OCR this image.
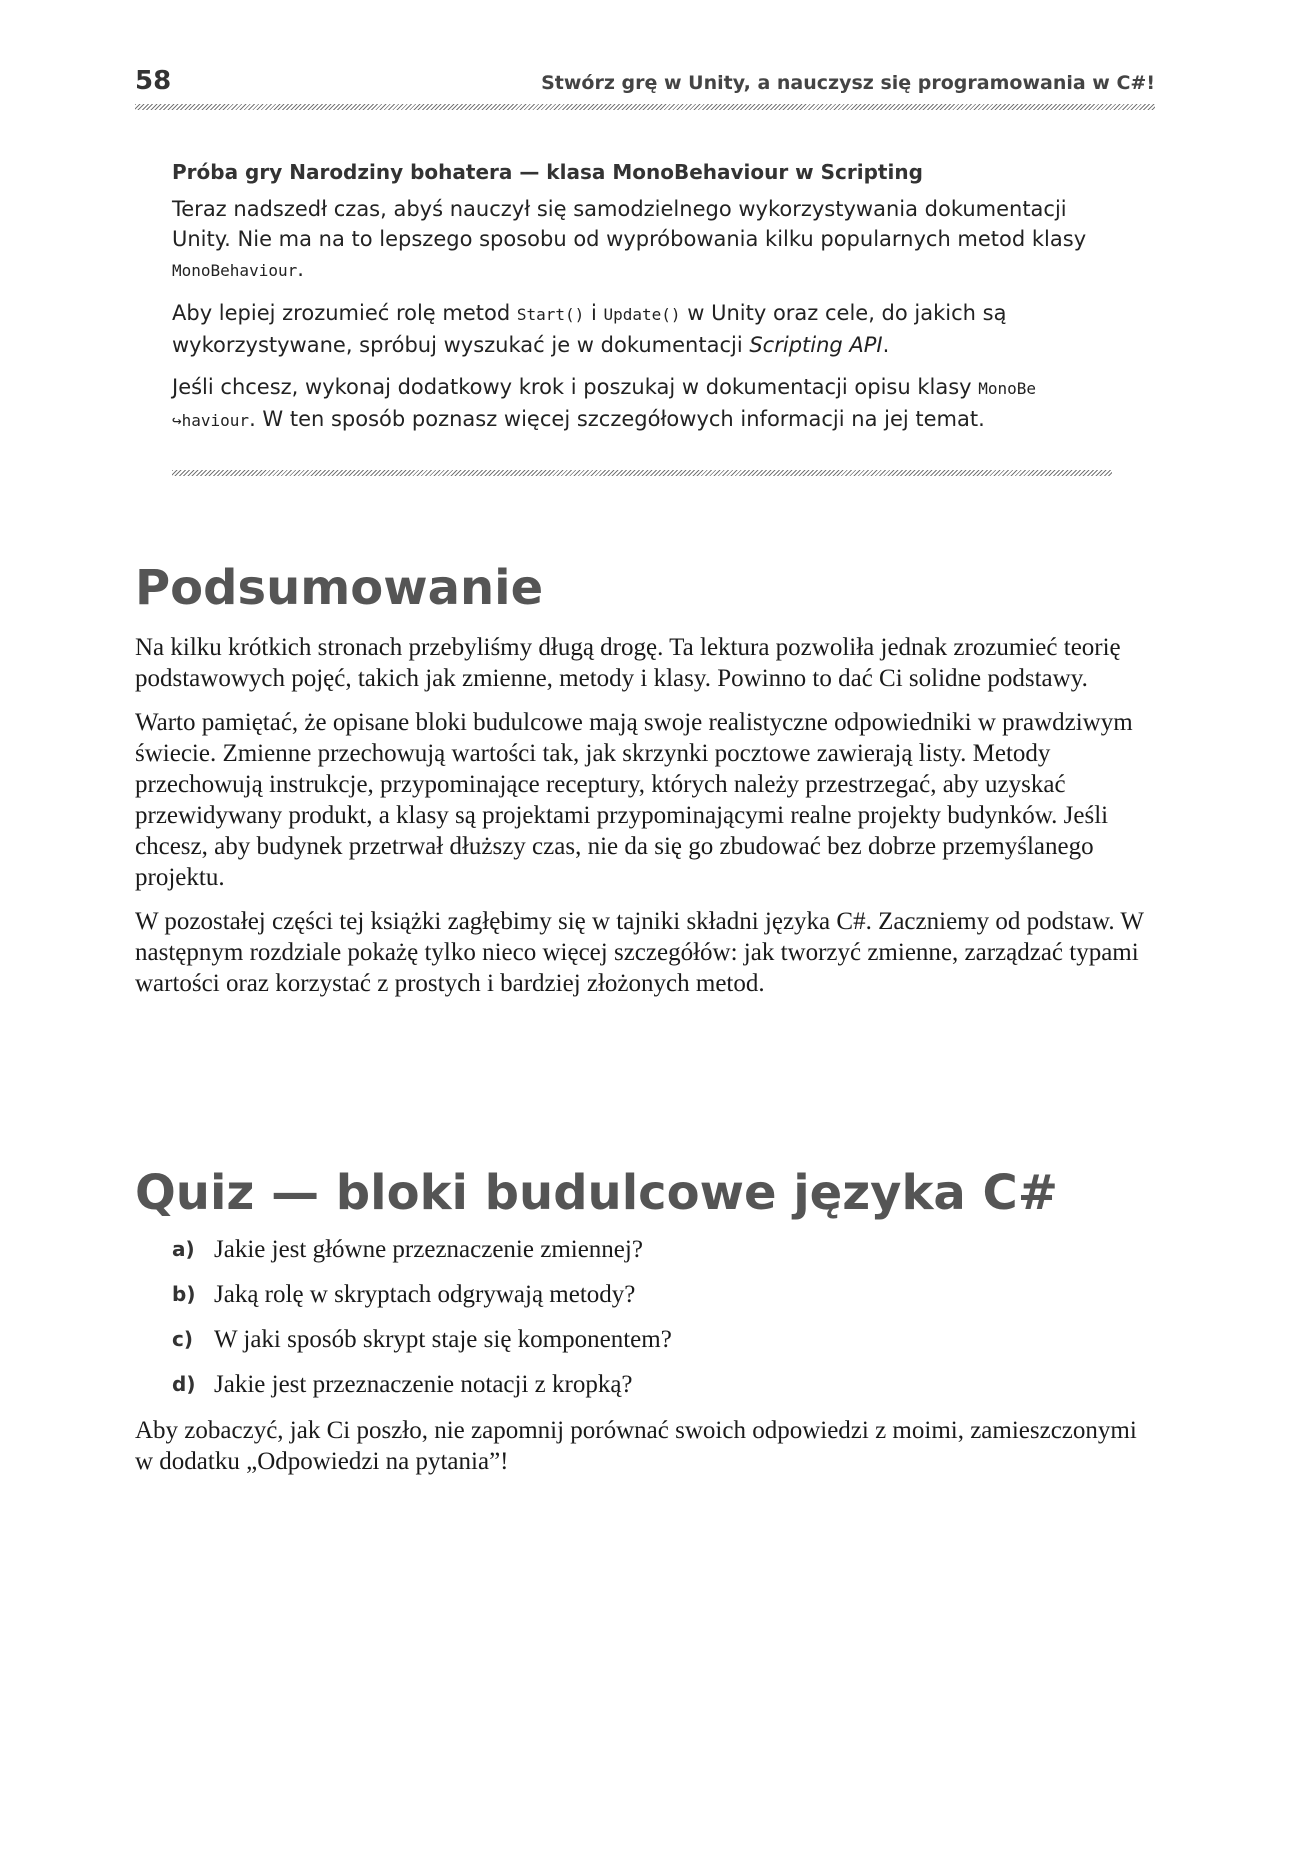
58	Stwórz grę w Unity, a nauczysz się programowania w C#!
Próba gry Narodziny bohatera — klasa MonoBehaviour w Scripting

Teraz nadszedł czas, abyś nauczył się samodzielnego wykorzystywania dokumentacji Unity. Nie ma na to lepszego sposobu od wypróbowania kilku popularnych metod klasy MonoBehaviour.

Aby lepiej zrozumieć rolę metod Start() i Update() w Unity oraz cele, do jakich są wykorzystywane, spróbuj wyszukać je w dokumentacji Scripting API.

Jeśli chcesz, wykonaj dodatkowy krok i poszukaj w dokumentacji opisu klasy MonoBe
↪haviour. W ten sposób poznasz więcej szczegółowych informacji na jej temat.

Podsumowanie

Na kilku krótkich stronach przebyliśmy długą drogę. Ta lektura pozwoliła jednak zrozumieć teorię podstawowych pojęć, takich jak zmienne, metody i klasy. Powinno to dać Ci solidne podstawy.

Warto pamiętać, że opisane bloki budulcowe mają swoje realistyczne odpowiedniki w prawdziwym świecie. Zmienne przechowują wartości tak, jak skrzynki pocztowe zawierają listy. Metody przechowują instrukcje, przypominające receptury, których należy przestrzegać, aby uzyskać przewidywany produkt, a klasy są projektami przypominającymi realne projekty budynków. Jeśli chcesz, aby budynek przetrwał dłuższy czas, nie da się go zbudować bez dobrze przemyślanego projektu.

W pozostałej części tej książki zagłębimy się w tajniki składni języka C#. Zaczniemy od podstaw. W następnym rozdziale pokażę tylko nieco więcej szczegółów: jak tworzyć zmienne, zarządzać typami wartości oraz korzystać z prostych i bardziej złożonych metod.

Quiz — bloki budulcowe języka C#
a) Jakie jest główne przeznaczenie zmiennej?
b) Jaką rolę w skryptach odgrywają metody?
c) W jaki sposób skrypt staje się komponentem?
d) Jakie jest przeznaczenie notacji z kropką?

Aby zobaczyć, jak Ci poszło, nie zapomnij porównać swoich odpowiedzi z moimi, zamieszczonymi w dodatku „Odpowiedzi na pytania”!
